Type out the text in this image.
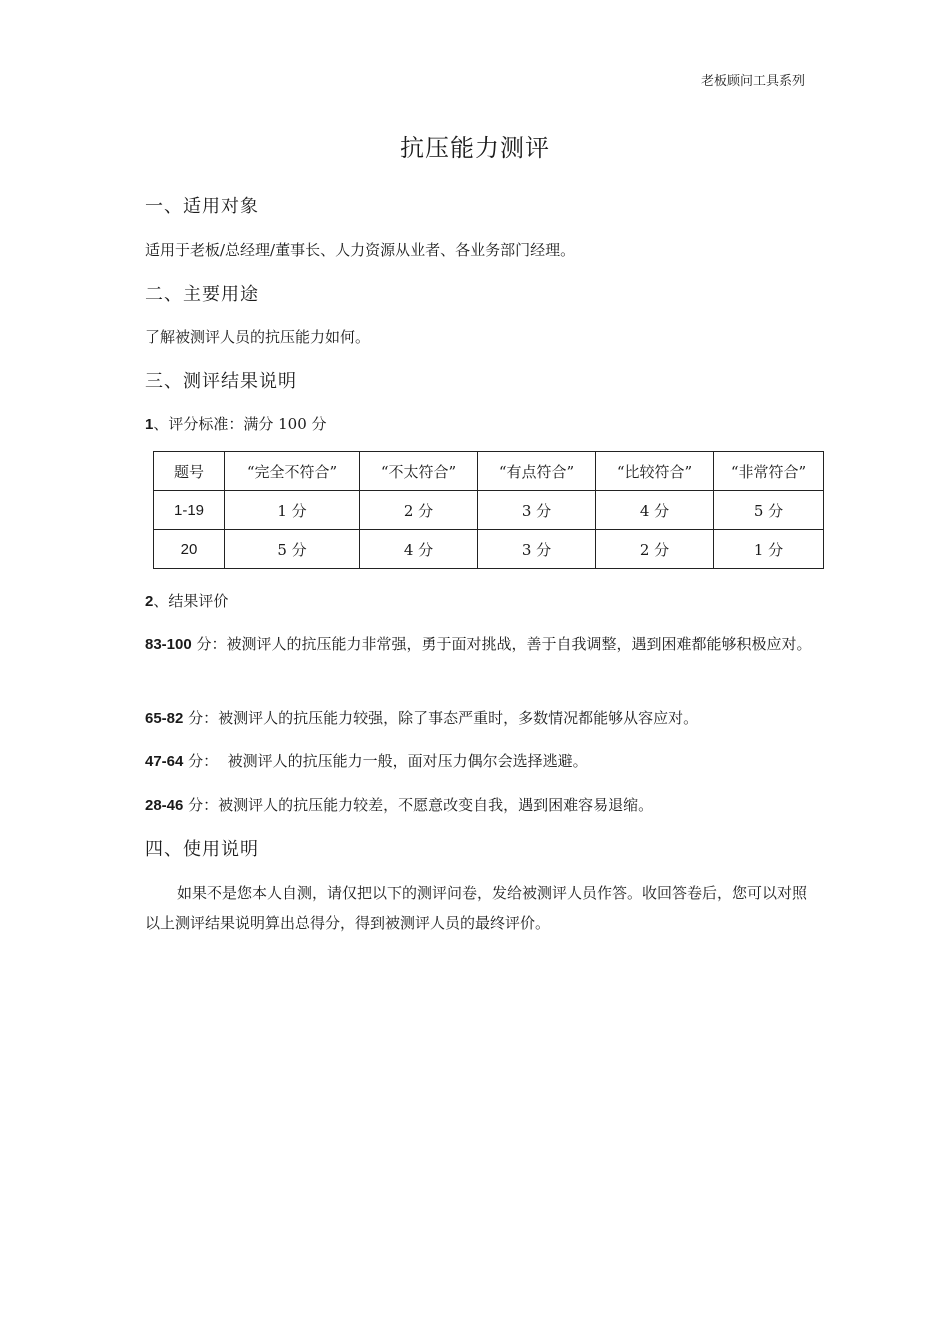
老板顾问工具系列
抗压能力测评
一、适用对象
适用于老板/总经理/董事长、人力资源从业者、各业务部门经理。
二、主要用途
了解被测评人员的抗压能力如何。
三、测评结果说明
1、评分标准：满分 100 分
题号	“完全不符合”	“不太符合”	“有点符合”	“比较符合”	“非常符合”
1-19	1 分	2 分	3 分	4 分	5 分
20	5 分	4 分	3 分	2 分	1 分
2、结果评价
83-100 分：被测评人的抗压能力非常强，勇于面对挑战，善于自我调整，遇到困难都能够积极应对。
65-82 分：被测评人的抗压能力较强，除了事态严重时，多数情况都能够从容应对。
47-64 分：  被测评人的抗压能力一般，面对压力偶尔会选择逃避。
28-46 分：被测评人的抗压能力较差，不愿意改变自我，遇到困难容易退缩。
四、使用说明
如果不是您本人自测，请仅把以下的测评问卷，发给被测评人员作答。收回答卷后，您可以对照以上测评结果说明算出总得分，得到被测评人员的最终评价。
